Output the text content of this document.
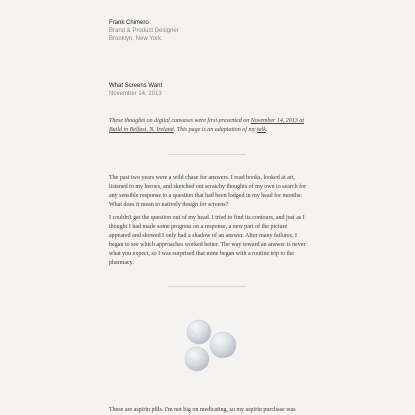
Frank Chimero
Brand & Product Designer
Brooklyn, New York
What Screens Want
November 14, 2013
These thoughts on digital canvases were first presented on November 14, 2013 at Build in Belfast, N. Ireland. This page is an adaptation of my talk.

The past two years were a wild chase for answers. I read books, looked at art, listened to my heroes, and sketched out scratchy thoughts of my own to search for any sensible response to a question that had been lodged in my head for months: What does it mean to natively design for screens?

I couldn't get the question out of my head. I tried to find its contours, and just as I thought I had made some progress on a response, a new part of the picture appeared and showed I only had a shadow of an answer. After many failures, I began to see which approaches worked better. The way toward an answer is never what you expect, so I was surprised that mine began with a routine trip to the pharmacy.

These are aspirin pills. I'm not big on medicating, so my aspirin purchase was
